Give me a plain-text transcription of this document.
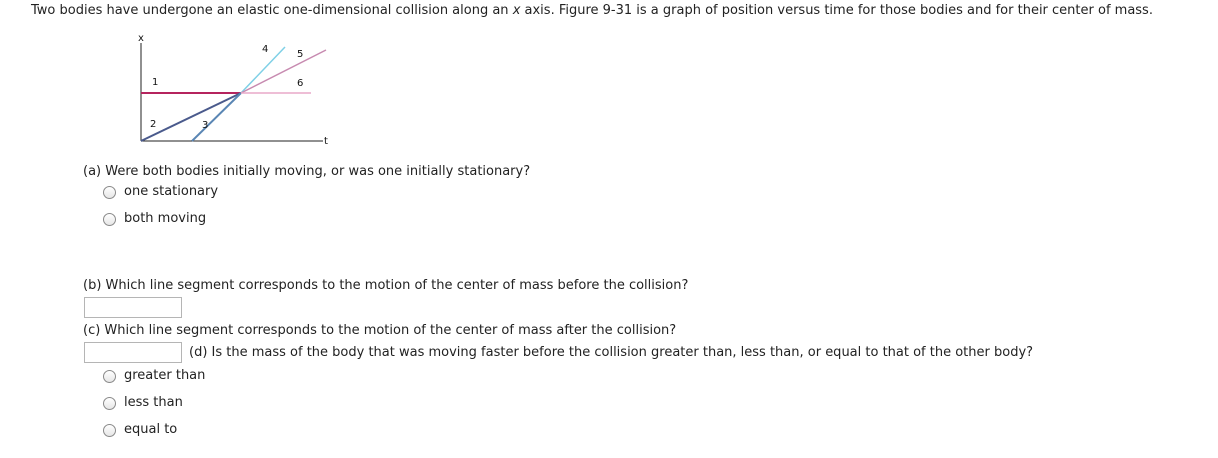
Two bodies have undergone an elastic one-dimensional collision along an x axis. Figure 9-31 is a graph of position versus time for those bodies and for their center of mass.
x
t
1
2	3
4	5
6
(a) Were both bodies initially moving, or was one initially stationary?
one stationary
both moving
(b) Which line segment corresponds to the motion of the center of mass before the collision?
(c) Which line segment corresponds to the motion of the center of mass after the collision?
(d) Is the mass of the body that was moving faster before the collision greater than, less than, or equal to that of the other body?
greater than
less than
equal to
